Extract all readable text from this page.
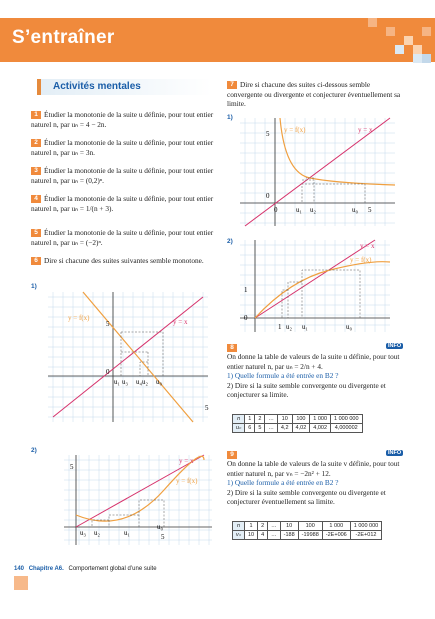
S’entraîner
Activités mentales
1 Étudier la monotonie de la suite u définie, pour tout entier naturel n, par uₙ = 4 − 2n.
2 Étudier la monotonie de la suite u définie, pour tout entier naturel n, par uₙ = 3n.
3 Étudier la monotonie de la suite u définie, pour tout entier naturel n, par uₙ = (0,2)ⁿ.
4 Étudier la monotonie de la suite u définie, pour tout entier naturel n, par uₙ = 1/(n + 3).
5 Étudier la monotonie de la suite u définie, pour tout entier naturel n, par uₙ = (−2)ⁿ.
6 Dire si chacune des suites suivantes semble monotone.
1)
y = f(x)	y = x
5
0
5
u₁ u₃ u₄u₂ u₀
2)
y = x
y = f(x)
5
5
u₃ u₂	u₁
u₀
7 Dire si chacune des suites ci-dessous semble convergente ou divergente et conjecturer éventuellement sa limite.
1)
y = f(x)	y = x
5
0
0	u₁ u₂	u₀ 5
2)
y = x
y = f(x)
1
0
1 u₂ u₁	u₀
8	INFO
On donne la table de valeurs de la suite u définie, pour tout entier naturel n, par uₙ = 2/n + 4.
1) Quelle formule a été entrée en B2 ?
2) Dire si la suite semble convergente ou divergente et conjecturer sa limite.
n	1	2	…	10	100	1 000	1 000 000
uₙ	6	5	…	4,2	4,02	4,002	4,000002
9	INFO
On donne la table de valeurs de la suite v définie, pour tout entier naturel n, par vₙ = −2n² + 12.
1) Quelle formule a été entrée en B2 ?
2) Dire si la suite semble convergente ou divergente et conjecturer éventuellement sa limite.
n	1	2	…	10	100	1 000	1 000 000
vₙ	10	4	…	-188	-19988	-2E+006	-2E+012
140 Chapitre A6. Comportement global d’une suite
